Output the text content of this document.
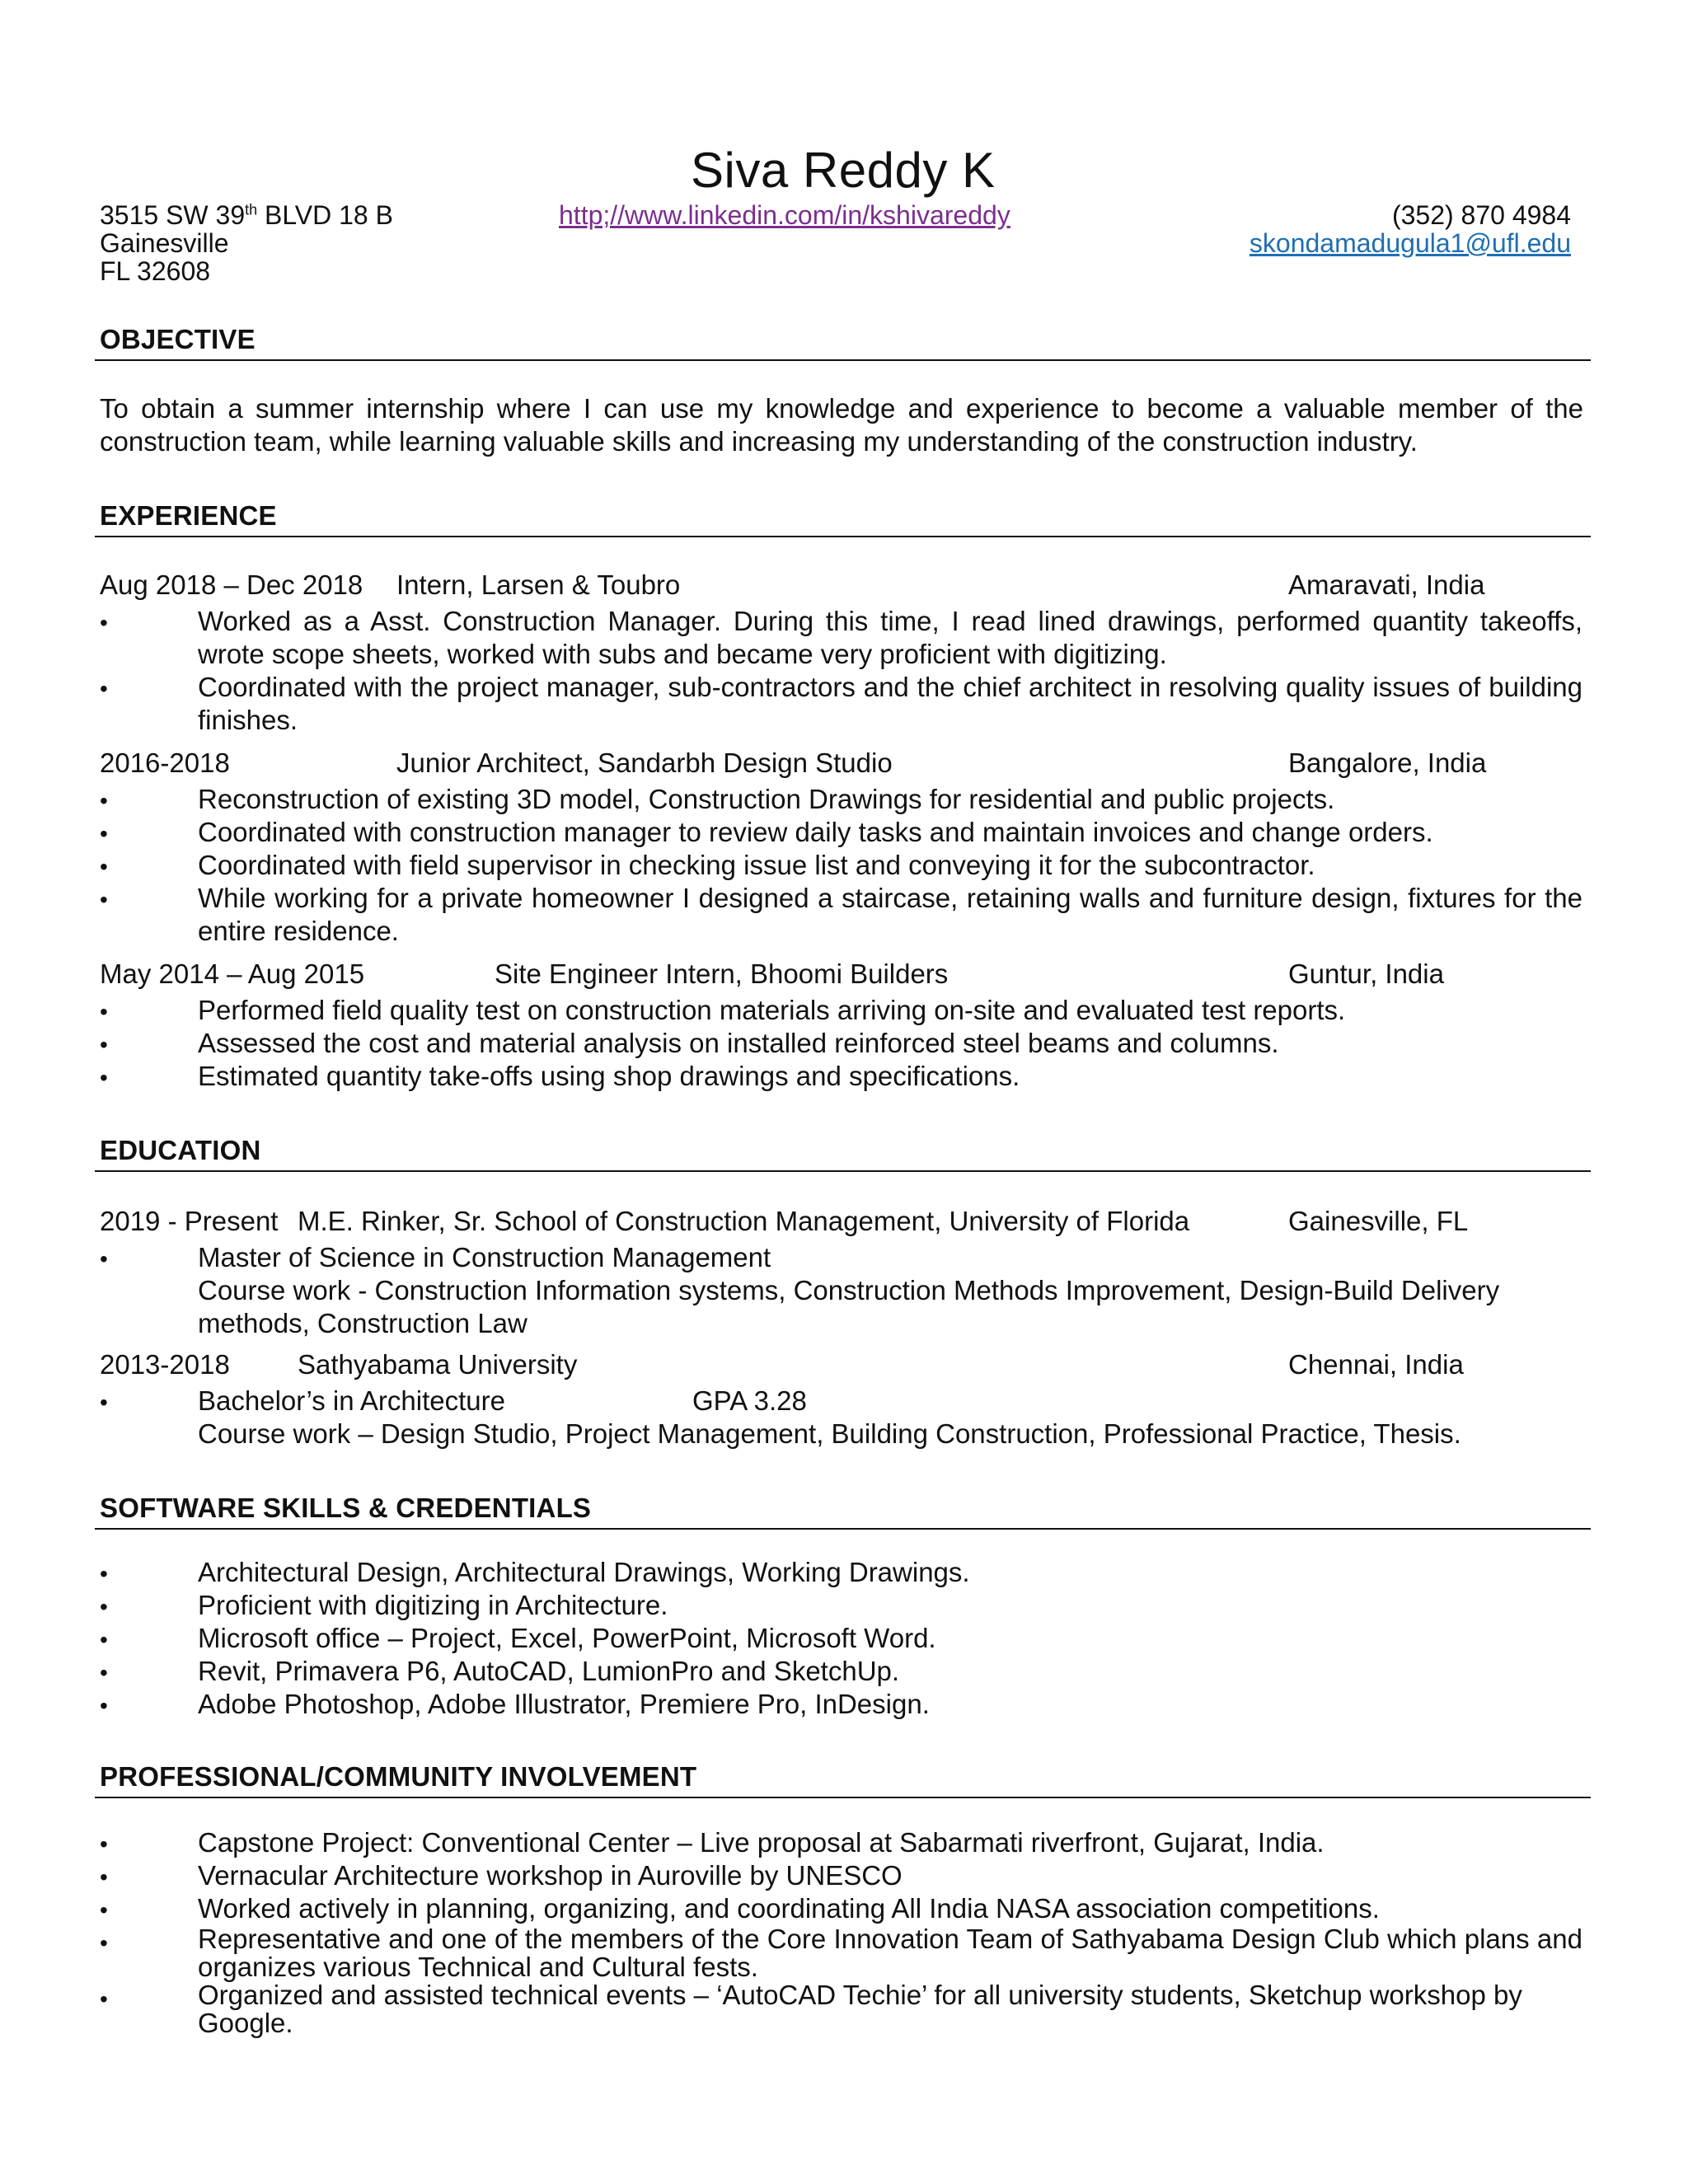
Siva Reddy K
3515 SW 39th BLVD 18 B
Gainesville
FL 32608
http;//www.linkedin.com/in/kshivareddy	(352) 870 4984
skondamadugula1@ufl.edu
OBJECTIVE
To obtain a summer internship where I can use my knowledge and experience to become a valuable member of the
construction team, while learning valuable skills and increasing my understanding of the construction industry.
EXPERIENCE
Aug 2018 – Dec 2018 Intern, Larsen & Toubro	Amaravati, India
•	Worked as a Asst. Construction Manager. During this time, I read lined drawings, performed quantity takeoffs, wrote scope sheets, worked with subs and became very proficient with digitizing.
•	Coordinated with the project manager, sub-contractors and the chief architect in resolving quality issues of building finishes.
2016-2018	Junior Architect, Sandarbh Design Studio	Bangalore, India
•	Reconstruction of existing 3D model, Construction Drawings for residential and public projects.
•	Coordinated with construction manager to review daily tasks and maintain invoices and change orders.
•	Coordinated with field supervisor in checking issue list and conveying it for the subcontractor.
•	While working for a private homeowner I designed a staircase, retaining walls and furniture design, fixtures for the entire residence.
May 2014 – Aug 2015	Site Engineer Intern, Bhoomi Builders	Guntur, India
•	Performed field quality test on construction materials arriving on-site and evaluated test reports.
•	Assessed the cost and material analysis on installed reinforced steel beams and columns.
•	Estimated quantity take-offs using shop drawings and specifications.
EDUCATION
2019 - Present M.E. Rinker, Sr. School of Construction Management, University of Florida	Gainesville, FL
•	Master of Science in Construction Management
Course work - Construction Information systems, Construction Methods Improvement, Design-Build Delivery methods, Construction Law
2013-2018 Sathyabama University	Chennai, India
•	Bachelor’s in Architecture	GPA 3.28
Course work – Design Studio, Project Management, Building Construction, Professional Practice, Thesis.
SOFTWARE SKILLS & CREDENTIALS
•	Architectural Design, Architectural Drawings, Working Drawings.
•	Proficient with digitizing in Architecture.
•	Microsoft office – Project, Excel, PowerPoint, Microsoft Word.
•	Revit, Primavera P6, AutoCAD, LumionPro and SketchUp.
•	Adobe Photoshop, Adobe Illustrator, Premiere Pro, InDesign.
PROFESSIONAL/COMMUNITY INVOLVEMENT
•	Capstone Project: Conventional Center – Live proposal at Sabarmati riverfront, Gujarat, India.
•	Vernacular Architecture workshop in Auroville by UNESCO
•	Worked actively in planning, organizing, and coordinating All India NASA association competitions.
•	Representative and one of the members of the Core Innovation Team of Sathyabama Design Club which plans and organizes various Technical and Cultural fests.
•	Organized and assisted technical events – ‘AutoCAD Techie’ for all university students, Sketchup workshop by Google.
